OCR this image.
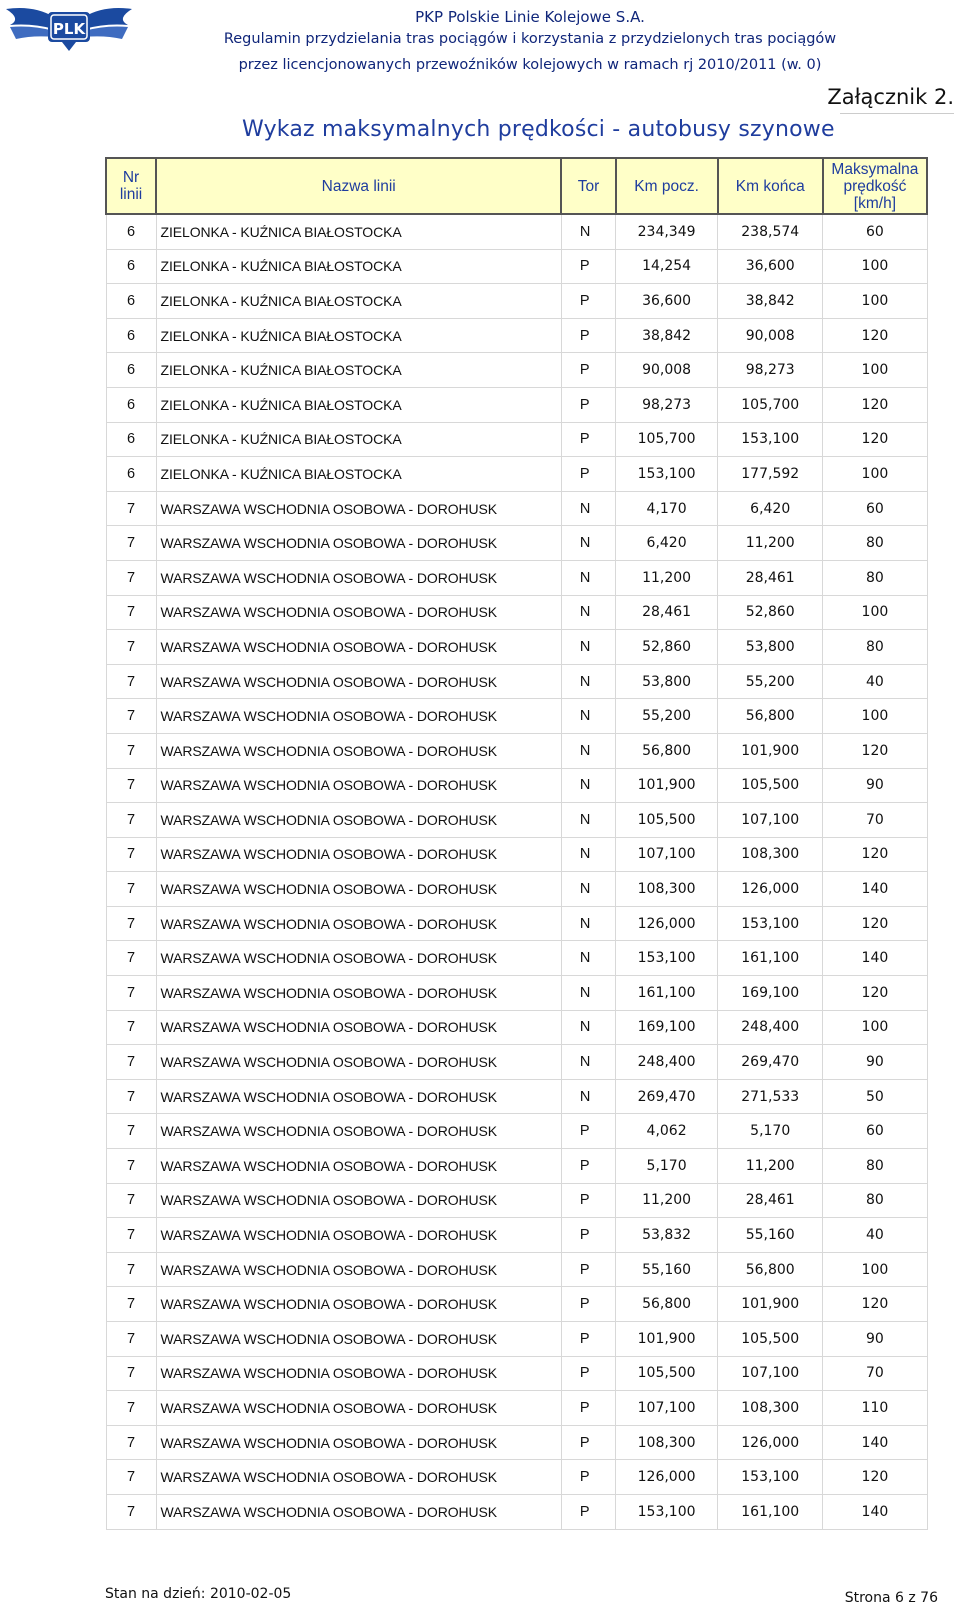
PLK
PKP Polskie Linie Kolejowe S.A.
Regulamin przydzielania tras pociągów i korzystania z przydzielonych tras pociągów
przez licencjonowanych przewoźników kolejowych w ramach rj 2010/2011 (w. 0)
Załącznik 2.
Wykaz maksymalnych prędkości - autobusy szynowe
Nr
linii	Nazwa linii	Tor	Km pocz.	Km końca	Maksymalna
prędkość
[km/h]
6	ZIELONKA - KUŹNICA BIAŁOSTOCKA	N	234,349	238,574	60
6	ZIELONKA - KUŹNICA BIAŁOSTOCKA	P	14,254	36,600	100
6	ZIELONKA - KUŹNICA BIAŁOSTOCKA	P	36,600	38,842	100
6	ZIELONKA - KUŹNICA BIAŁOSTOCKA	P	38,842	90,008	120
6	ZIELONKA - KUŹNICA BIAŁOSTOCKA	P	90,008	98,273	100
6	ZIELONKA - KUŹNICA BIAŁOSTOCKA	P	98,273	105,700	120
6	ZIELONKA - KUŹNICA BIAŁOSTOCKA	P	105,700	153,100	120
6	ZIELONKA - KUŹNICA BIAŁOSTOCKA	P	153,100	177,592	100
7	WARSZAWA WSCHODNIA OSOBOWA - DOROHUSK	N	4,170	6,420	60
7	WARSZAWA WSCHODNIA OSOBOWA - DOROHUSK	N	6,420	11,200	80
7	WARSZAWA WSCHODNIA OSOBOWA - DOROHUSK	N	11,200	28,461	80
7	WARSZAWA WSCHODNIA OSOBOWA - DOROHUSK	N	28,461	52,860	100
7	WARSZAWA WSCHODNIA OSOBOWA - DOROHUSK	N	52,860	53,800	80
7	WARSZAWA WSCHODNIA OSOBOWA - DOROHUSK	N	53,800	55,200	40
7	WARSZAWA WSCHODNIA OSOBOWA - DOROHUSK	N	55,200	56,800	100
7	WARSZAWA WSCHODNIA OSOBOWA - DOROHUSK	N	56,800	101,900	120
7	WARSZAWA WSCHODNIA OSOBOWA - DOROHUSK	N	101,900	105,500	90
7	WARSZAWA WSCHODNIA OSOBOWA - DOROHUSK	N	105,500	107,100	70
7	WARSZAWA WSCHODNIA OSOBOWA - DOROHUSK	N	107,100	108,300	120
7	WARSZAWA WSCHODNIA OSOBOWA - DOROHUSK	N	108,300	126,000	140
7	WARSZAWA WSCHODNIA OSOBOWA - DOROHUSK	N	126,000	153,100	120
7	WARSZAWA WSCHODNIA OSOBOWA - DOROHUSK	N	153,100	161,100	140
7	WARSZAWA WSCHODNIA OSOBOWA - DOROHUSK	N	161,100	169,100	120
7	WARSZAWA WSCHODNIA OSOBOWA - DOROHUSK	N	169,100	248,400	100
7	WARSZAWA WSCHODNIA OSOBOWA - DOROHUSK	N	248,400	269,470	90
7	WARSZAWA WSCHODNIA OSOBOWA - DOROHUSK	N	269,470	271,533	50
7	WARSZAWA WSCHODNIA OSOBOWA - DOROHUSK	P	4,062	5,170	60
7	WARSZAWA WSCHODNIA OSOBOWA - DOROHUSK	P	5,170	11,200	80
7	WARSZAWA WSCHODNIA OSOBOWA - DOROHUSK	P	11,200	28,461	80
7	WARSZAWA WSCHODNIA OSOBOWA - DOROHUSK	P	53,832	55,160	40
7	WARSZAWA WSCHODNIA OSOBOWA - DOROHUSK	P	55,160	56,800	100
7	WARSZAWA WSCHODNIA OSOBOWA - DOROHUSK	P	56,800	101,900	120
7	WARSZAWA WSCHODNIA OSOBOWA - DOROHUSK	P	101,900	105,500	90
7	WARSZAWA WSCHODNIA OSOBOWA - DOROHUSK	P	105,500	107,100	70
7	WARSZAWA WSCHODNIA OSOBOWA - DOROHUSK	P	107,100	108,300	110
7	WARSZAWA WSCHODNIA OSOBOWA - DOROHUSK	P	108,300	126,000	140
7	WARSZAWA WSCHODNIA OSOBOWA - DOROHUSK	P	126,000	153,100	120
7	WARSZAWA WSCHODNIA OSOBOWA - DOROHUSK	P	153,100	161,100	140
Stan na dzień: 2010-02-05	Strona 6 z 76
